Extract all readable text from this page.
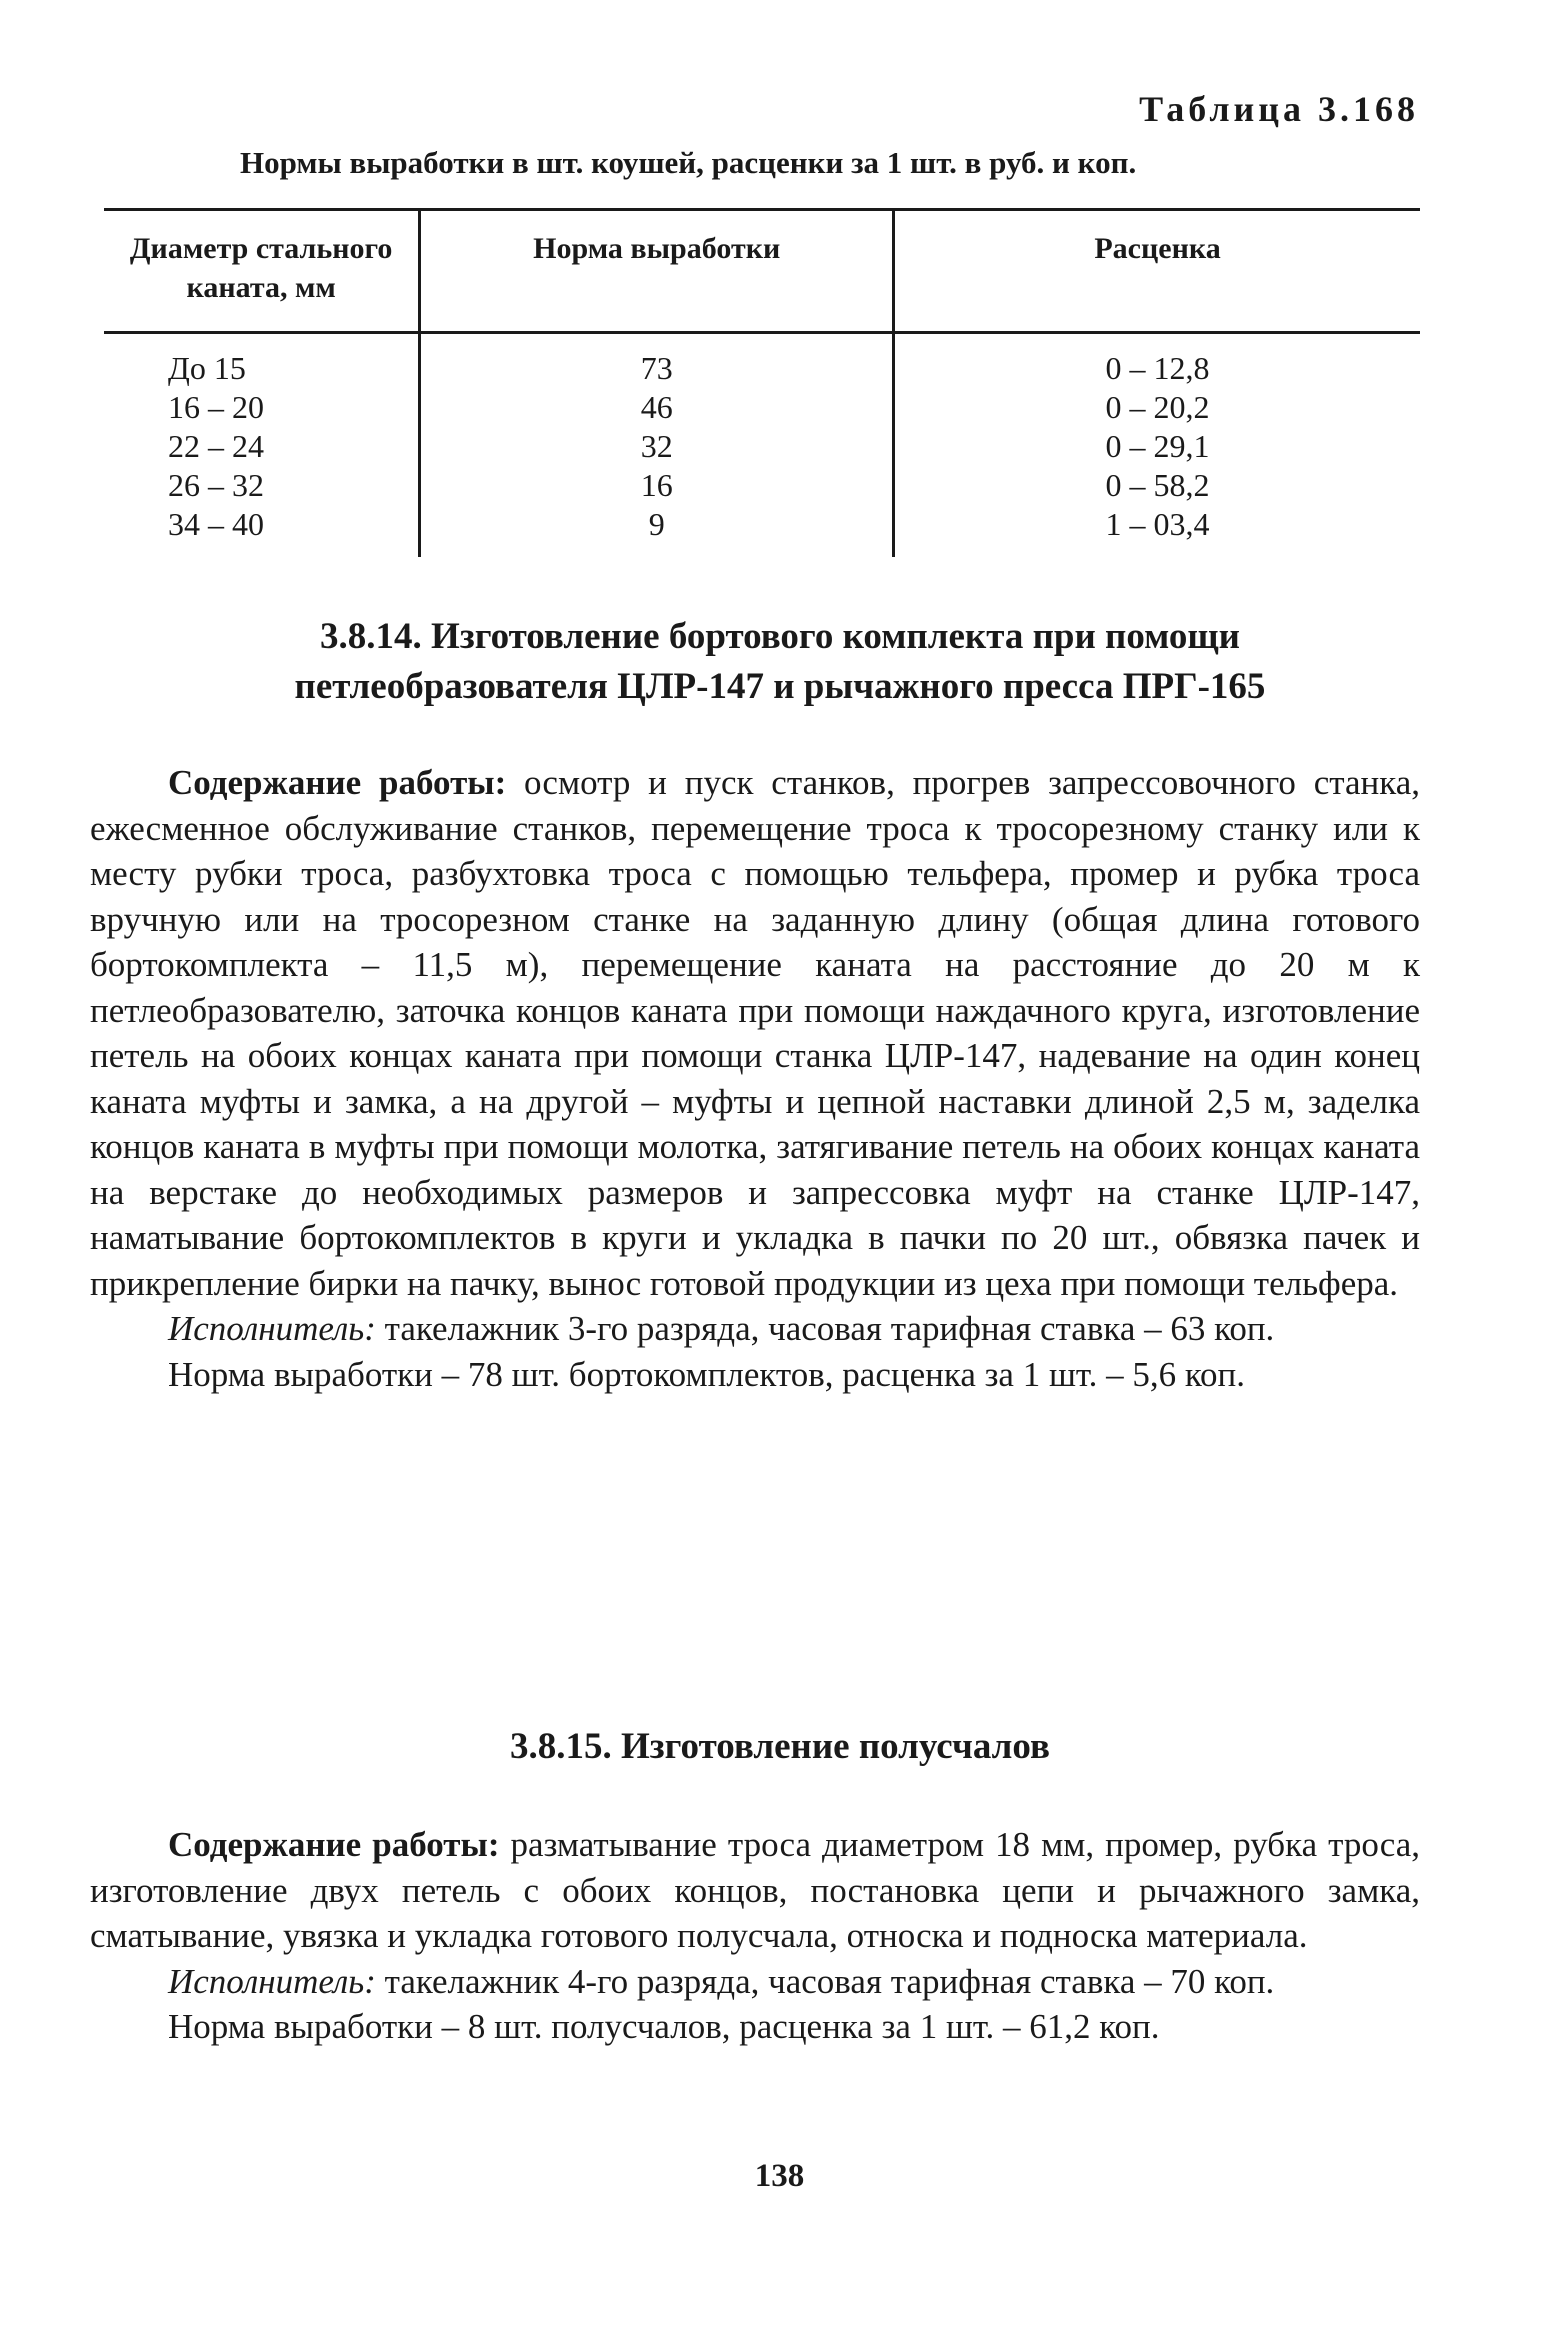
Таблица 3.168
Нормы выработки в шт. коушей, расценки за 1 шт. в руб. и коп.
Диаметр стального каната, мм	Норма выработки	Расценка
До 15	73	0 – 12,8
16 – 20	46	0 – 20,2
22 – 24	32	0 – 29,1
26 – 32	16	0 – 58,2
34 – 40	9	1 – 03,4
3.8.14. Изготовление бортового комплекта при помощи
петлеобразователя ЦЛР-147 и рычажного пресса ПРГ-165

Содержание работы: осмотр и пуск станков, прогрев запрессовочного станка, ежесменное обслуживание станков, перемещение троса к тросорезному станку или к месту рубки троса, разбухтовка троса с помощью тельфера, промер и рубка троса вручную или на тросорезном станке на заданную длину (общая длина готового бортокомплекта – 11,5 м), перемещение каната на расстояние до 20 м к петлеобразователю, заточка концов каната при помощи наждачного круга, изготовление петель на обоих концах каната при помощи станка ЦЛР-147, надевание на один конец каната муфты и замка, а на другой – муфты и цепной наставки длиной 2,5 м, заделка концов каната в муфты при помощи молотка, затягивание петель на обоих концах каната на верстаке до необходимых размеров и запрессовка муфт на станке ЦЛР-147, наматывание бортокомплектов в круги и укладка в пачки по 20 шт., обвязка пачек и прикрепление бирки на пачку, вынос готовой продукции из цеха при помощи тельфера.

Исполнитель: такелажник 3-го разряда, часовая тарифная ставка – 63 коп.

Норма выработки – 78 шт. бортокомплектов, расценка за 1 шт. – 5,6 коп.

3.8.15. Изготовление полусчалов

Содержание работы: разматывание троса диаметром 18 мм, промер, рубка троса, изготовление двух петель с обоих концов, постановка цепи и рычажного замка, сматывание, увязка и укладка готового полусчала, относка и подноска материала.

Исполнитель: такелажник 4-го разряда, часовая тарифная ставка – 70 коп.

Норма выработки – 8 шт. полусчалов, расценка за 1 шт. – 61,2 коп.

138
